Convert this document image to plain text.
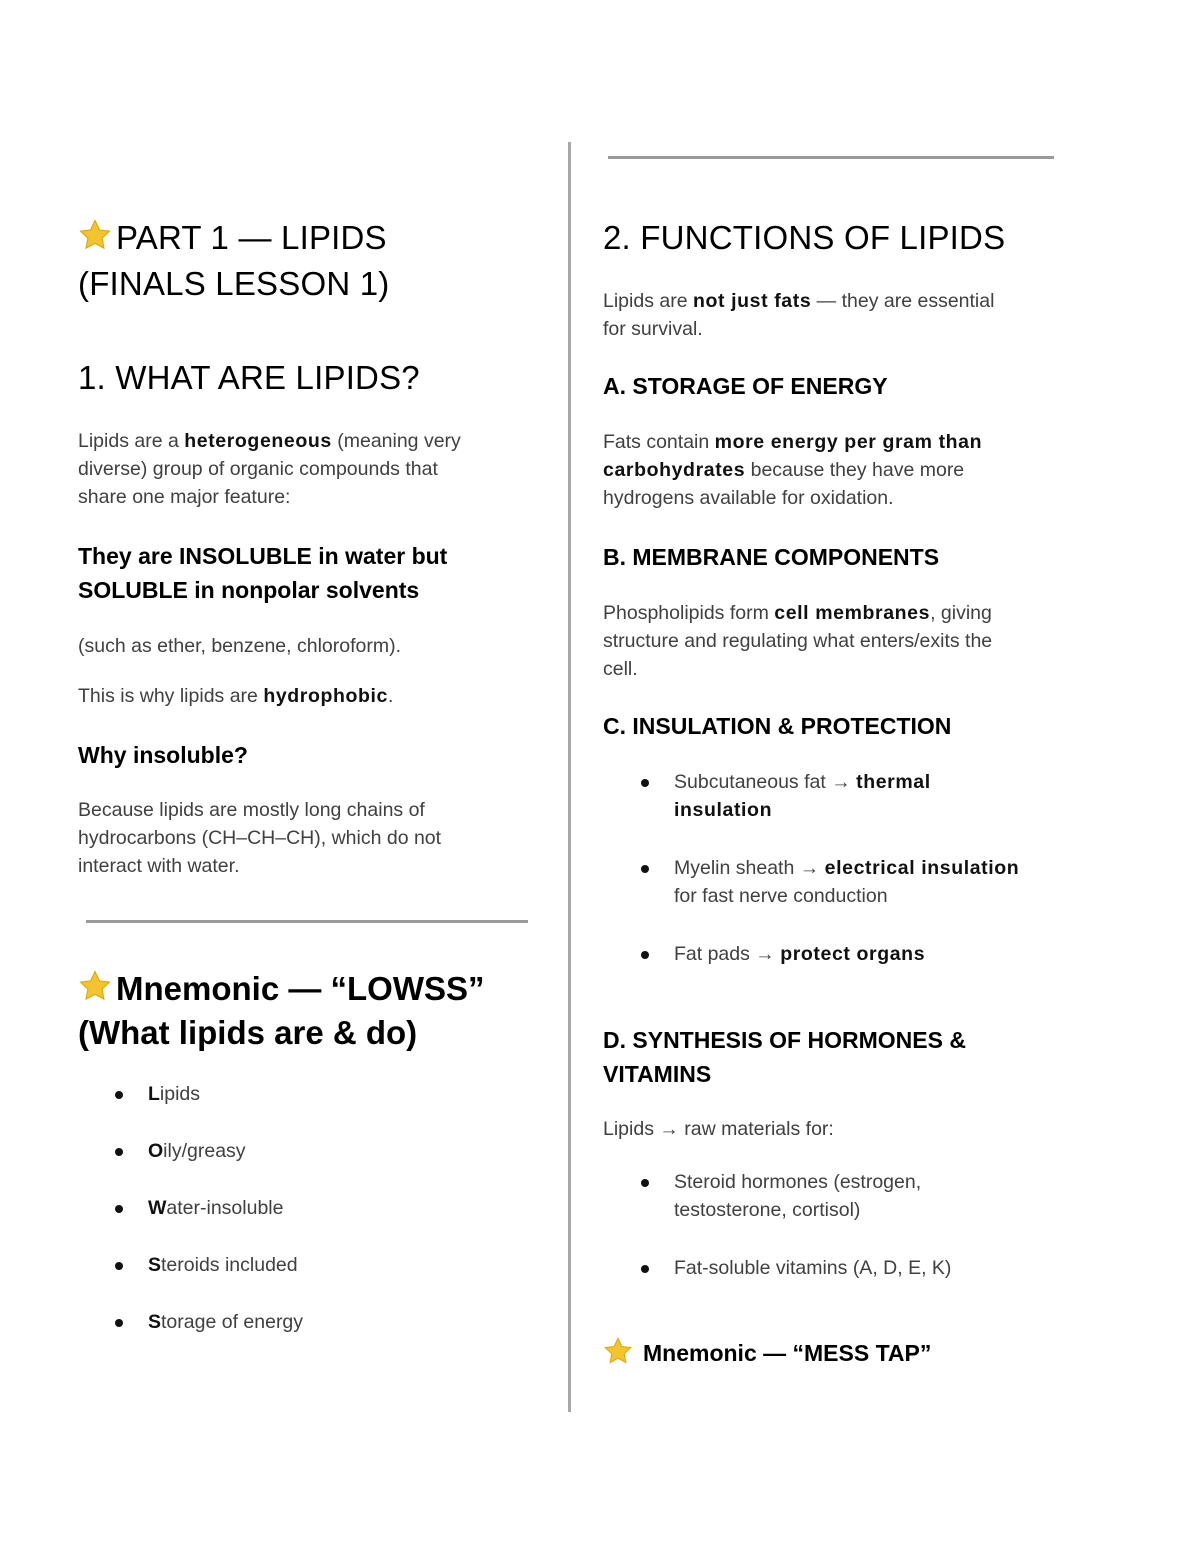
PART 1 — LIPIDS
(FINALS LESSON 1)
1. WHAT ARE LIPIDS?
Lipids are a heterogeneous (meaning very
diverse) group of organic compounds that
share one major feature:
They are INSOLUBLE in water but
SOLUBLE in nonpolar solvents
(such as ether, benzene, chloroform).
This is why lipids are hydrophobic.
Why insoluble?
Because lipids are mostly long chains of
hydrocarbons (CH–CH–CH), which do not
interact with water.
Mnemonic — “LOWSS”
(What lipids are & do)
Lipids
Oily/greasy
Water-insoluble
Steroids included
Storage of energy
2. FUNCTIONS OF LIPIDS
Lipids are not just fats — they are essential
for survival.
A. STORAGE OF ENERGY
Fats contain more energy per gram than
carbohydrates because they have more
hydrogens available for oxidation.
B. MEMBRANE COMPONENTS
Phospholipids form cell membranes, giving
structure and regulating what enters/exits the
cell.
C. INSULATION & PROTECTION
Subcutaneous fat → thermal
insulation
Myelin sheath → electrical insulation
for fast nerve conduction
Fat pads → protect organs
D. SYNTHESIS OF HORMONES &
VITAMINS
Lipids → raw materials for:
Steroid hormones (estrogen,
testosterone, cortisol)
Fat-soluble vitamins (A, D, E, K)
Mnemonic — “MESS TAP”
